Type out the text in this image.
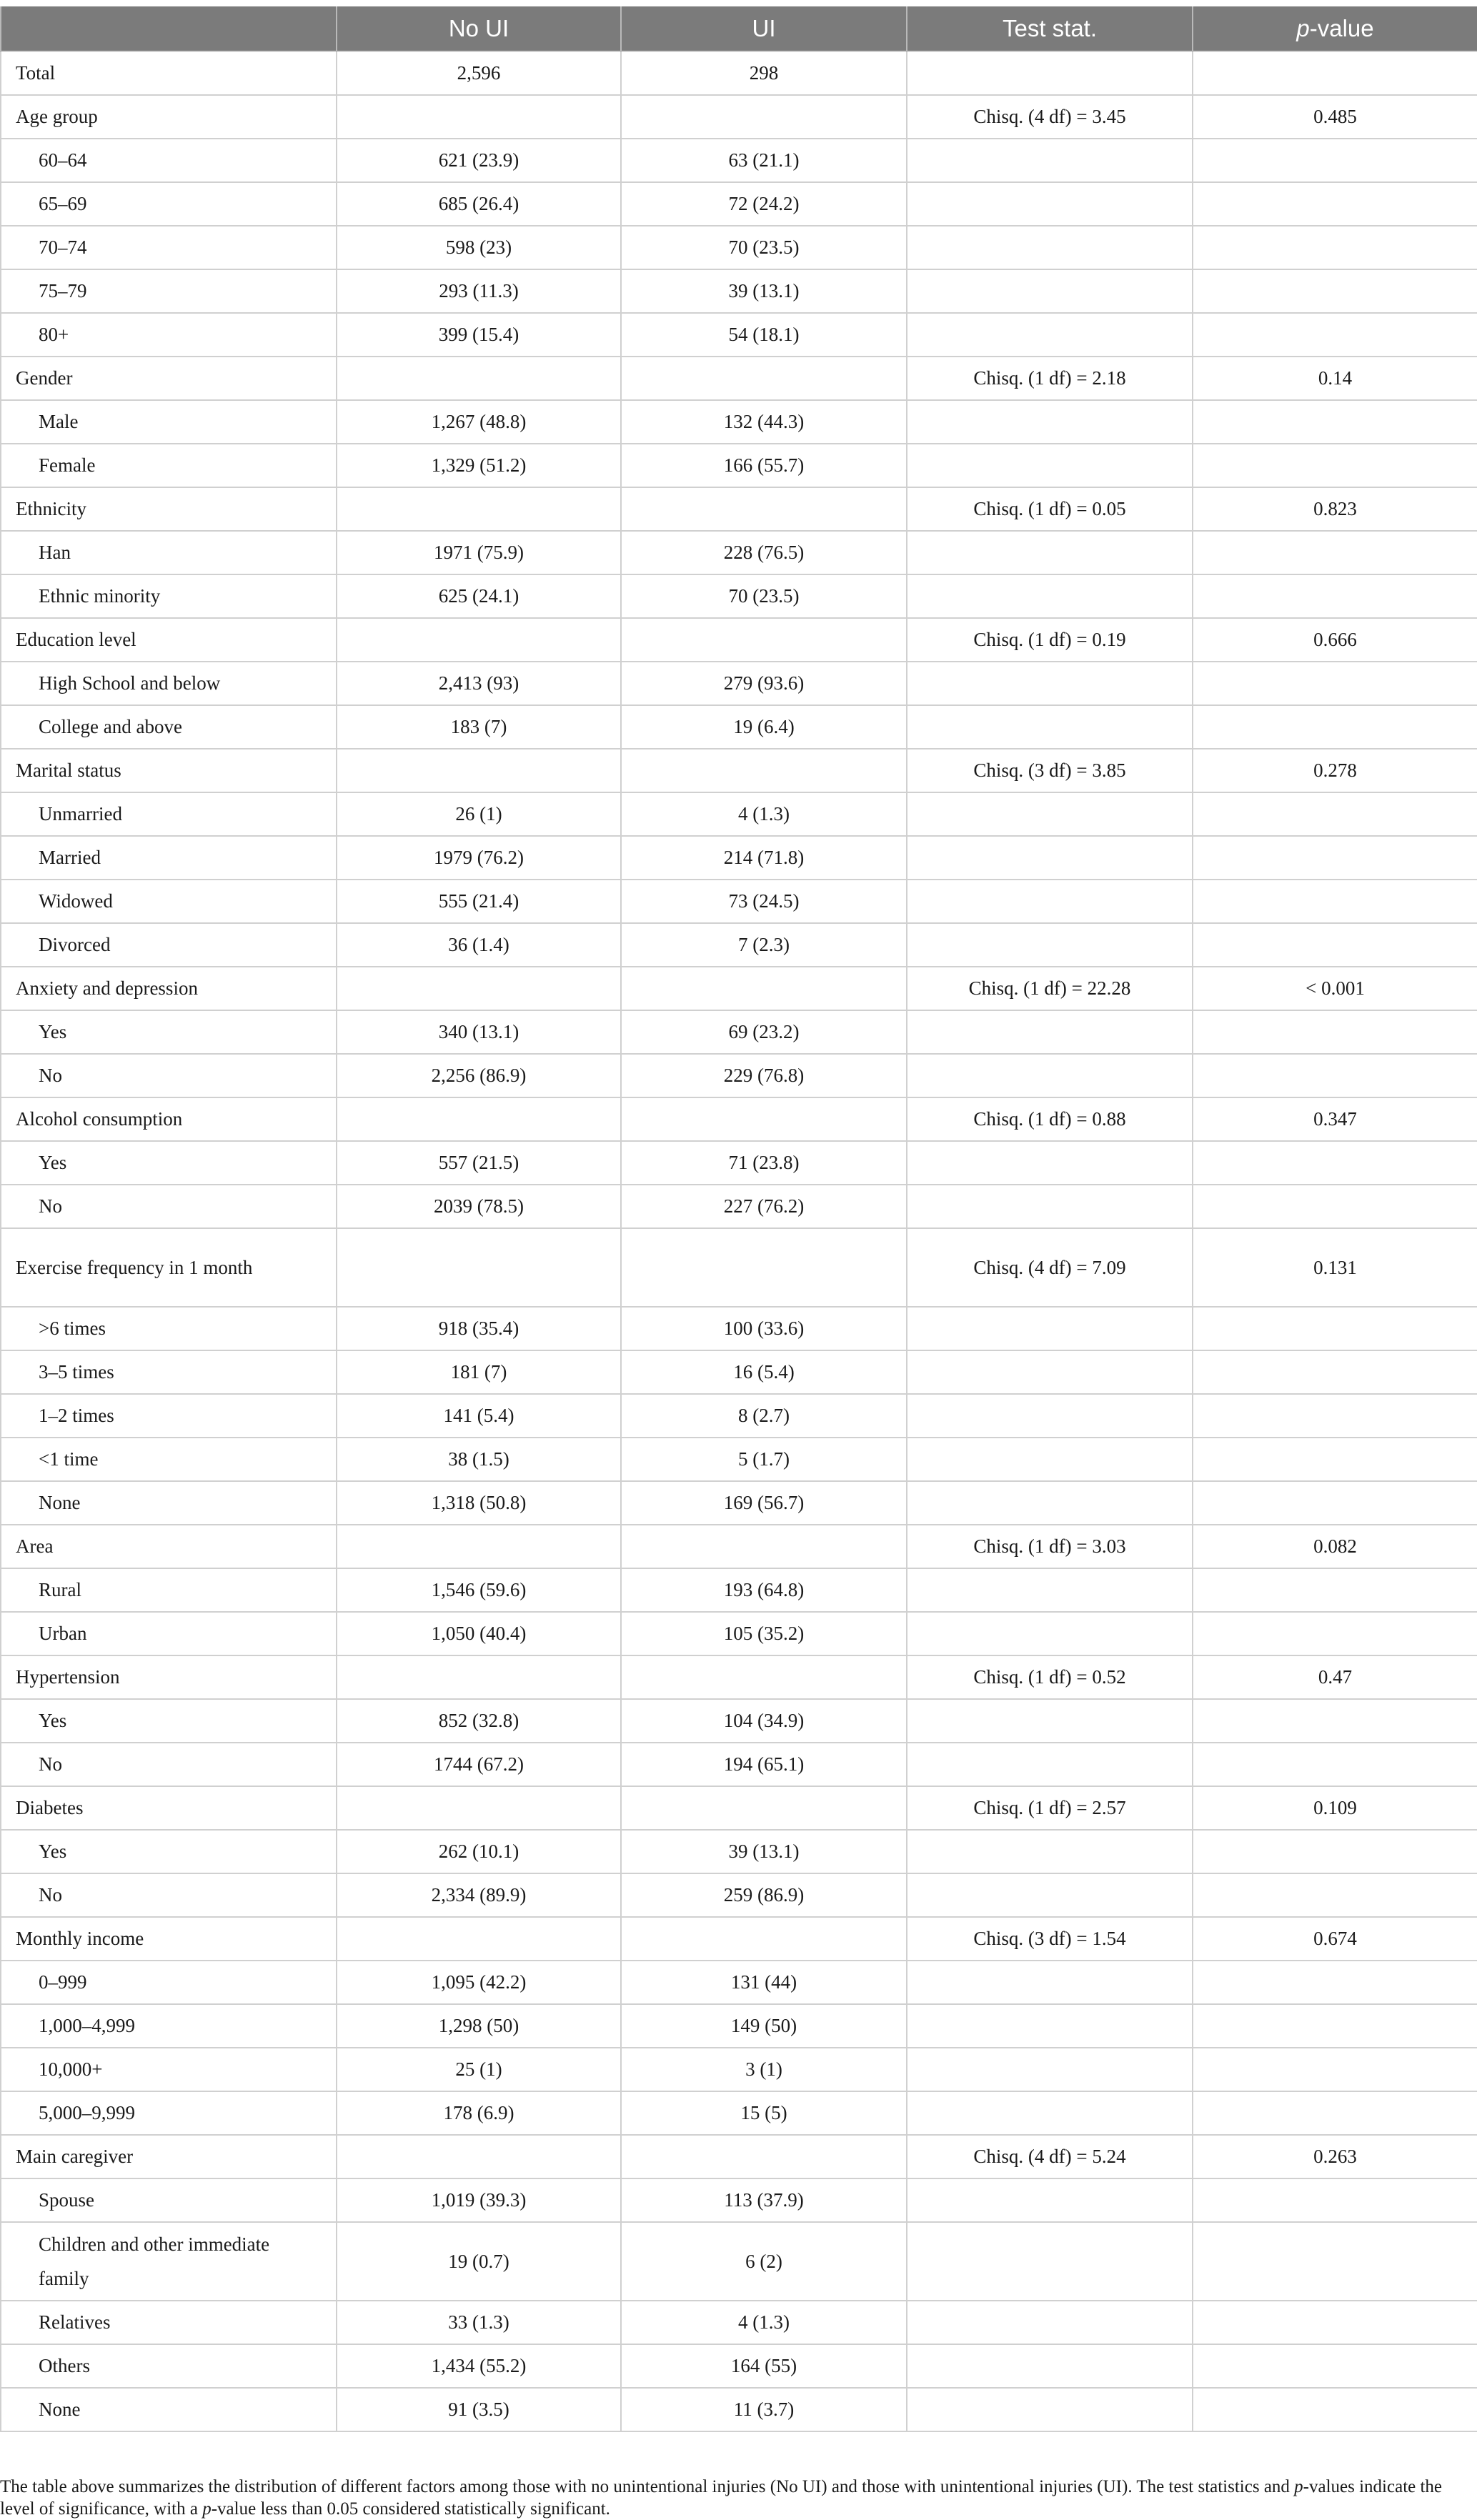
	No UI	UI	Test stat.	p-value
Total	2,596	298		
Age group			Chisq. (4 df) = 3.45	0.485
60–64	621 (23.9)	63 (21.1)		
65–69	685 (26.4)	72 (24.2)		
70–74	598 (23)	70 (23.5)		
75–79	293 (11.3)	39 (13.1)		
80+	399 (15.4)	54 (18.1)		
Gender			Chisq. (1 df) = 2.18	0.14
Male	1,267 (48.8)	132 (44.3)		
Female	1,329 (51.2)	166 (55.7)		
Ethnicity			Chisq. (1 df) = 0.05	0.823
Han	1971 (75.9)	228 (76.5)		
Ethnic minority	625 (24.1)	70 (23.5)		
Education level			Chisq. (1 df) = 0.19	0.666
High School and below	2,413 (93)	279 (93.6)		
College and above	183 (7)	19 (6.4)		
Marital status			Chisq. (3 df) = 3.85	0.278
Unmarried	26 (1)	4 (1.3)		
Married	1979 (76.2)	214 (71.8)		
Widowed	555 (21.4)	73 (24.5)		
Divorced	36 (1.4)	7 (2.3)		
Anxiety and depression			Chisq. (1 df) = 22.28	< 0.001
Yes	340 (13.1)	69 (23.2)		
No	2,256 (86.9)	229 (76.8)		
Alcohol consumption			Chisq. (1 df) = 0.88	0.347
Yes	557 (21.5)	71 (23.8)		
No	2039 (78.5)	227 (76.2)		
Exercise frequency in 1 month			Chisq. (4 df) = 7.09	0.131
>6 times	918 (35.4)	100 (33.6)		
3–5 times	181 (7)	16 (5.4)		
1–2 times	141 (5.4)	8 (2.7)		
<1 time	38 (1.5)	5 (1.7)		
None	1,318 (50.8)	169 (56.7)		
Area			Chisq. (1 df) = 3.03	0.082
Rural	1,546 (59.6)	193 (64.8)		
Urban	1,050 (40.4)	105 (35.2)		
Hypertension			Chisq. (1 df) = 0.52	0.47
Yes	852 (32.8)	104 (34.9)		
No	1744 (67.2)	194 (65.1)		
Diabetes			Chisq. (1 df) = 2.57	0.109
Yes	262 (10.1)	39 (13.1)		
No	2,334 (89.9)	259 (86.9)		
Monthly income			Chisq. (3 df) = 1.54	0.674
0–999	1,095 (42.2)	131 (44)		
1,000–4,999	1,298 (50)	149 (50)		
10,000+	25 (1)	3 (1)		
5,000–9,999	178 (6.9)	15 (5)		
Main caregiver			Chisq. (4 df) = 5.24	0.263
Spouse	1,019 (39.3)	113 (37.9)		
Children and other immediate family	19 (0.7)	6 (2)		
Relatives	33 (1.3)	4 (1.3)		
Others	1,434 (55.2)	164 (55)		
None	91 (3.5)	11 (3.7)		
The table above summarizes the distribution of different factors among those with no unintentional injuries (No UI) and those with unintentional injuries (UI). The test statistics and p-values indicate the level of significance, with a p-value less than 0.05 considered statistically significant.
